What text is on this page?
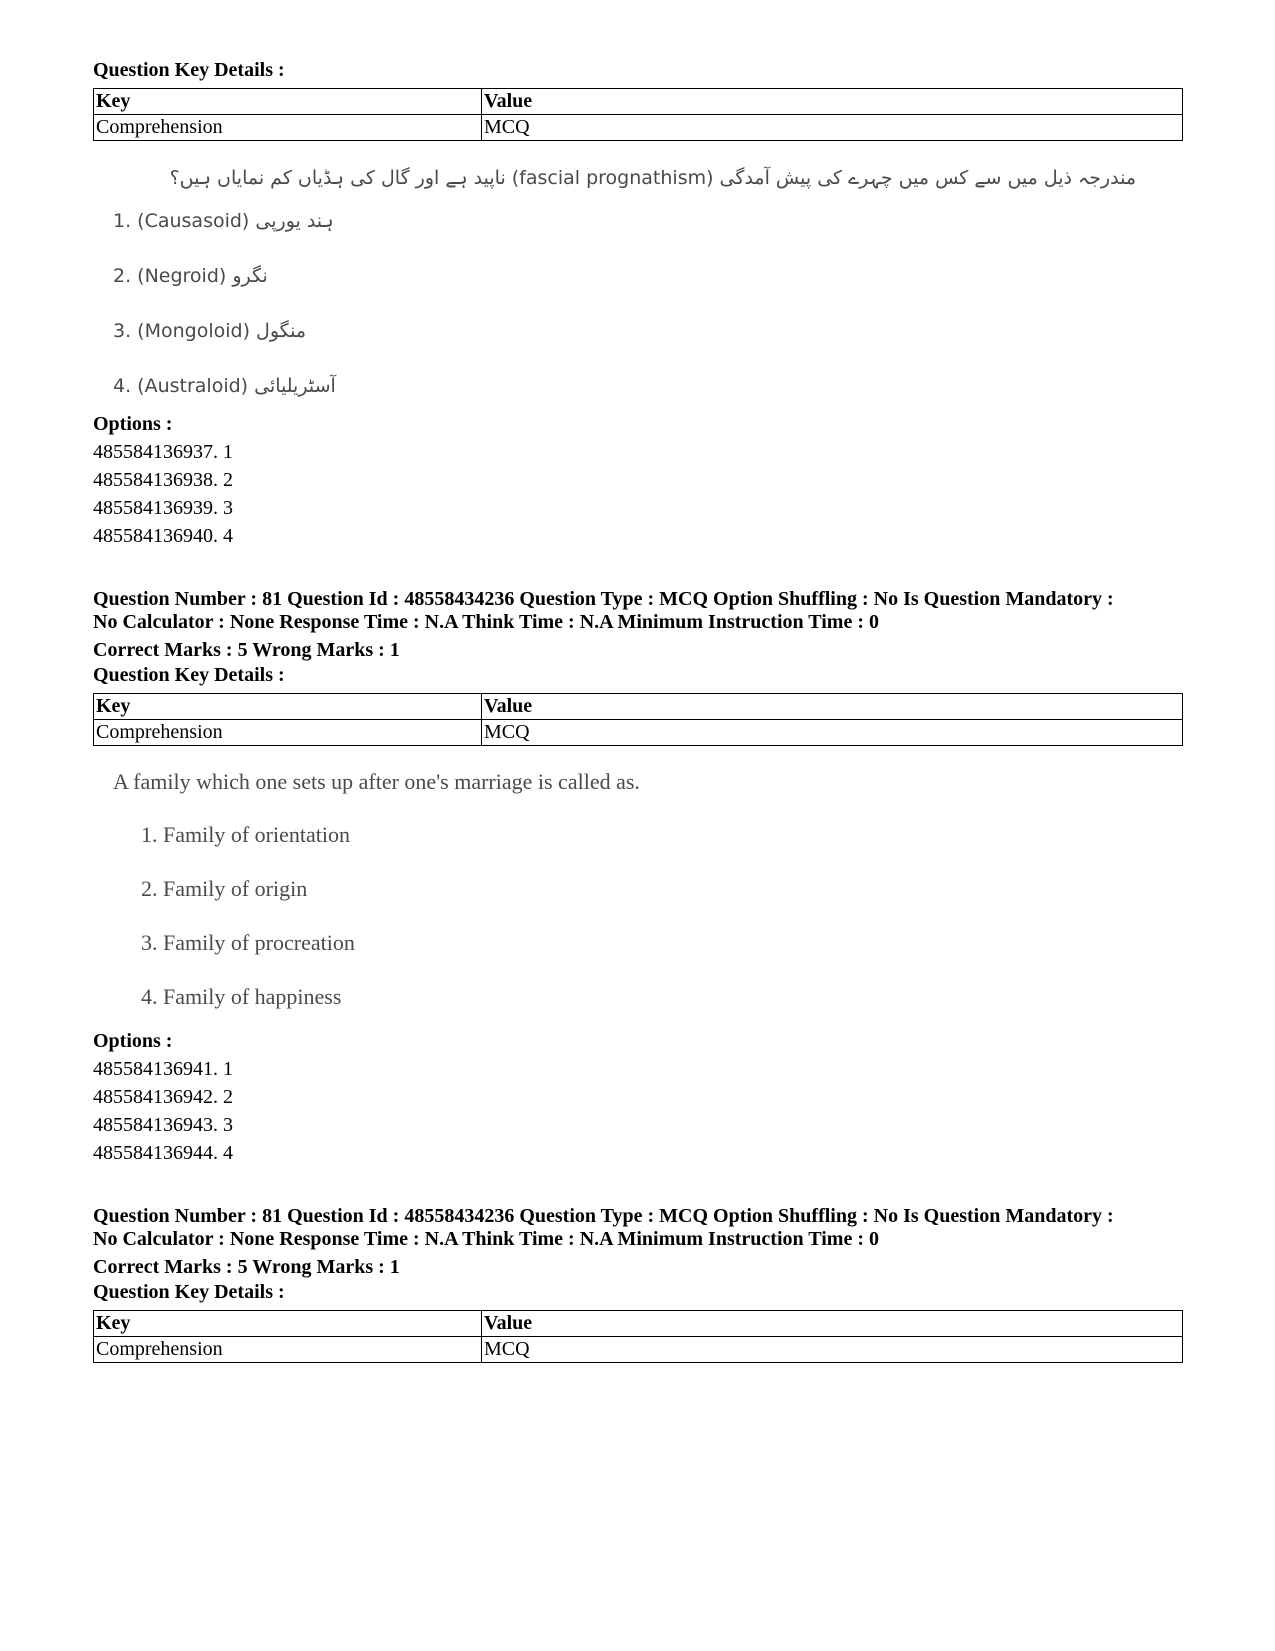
Question Key Details :

Key	Value
Comprehension	MCQ
مندرجہ ذیل میں سے کس میں چہرے کی پیش آمدگی (fascial prognathism) ناپید ہے اور گال کی ہڈیاں کم نمایاں ہیں؟
1. (Causasoid) ہند یورپی
2. (Negroid) نگرو
3. (Mongoloid) منگول
4. (Australoid) آسٹریلیائی

Options :

485584136937. 1

485584136938. 2

485584136939. 3

485584136940. 4

Question Number : 81 Question Id : 48558434236 Question Type : MCQ Option Shuffling : No Is Question Mandatory :

No Calculator : None Response Time : N.A Think Time : N.A Minimum Instruction Time : 0

Correct Marks : 5 Wrong Marks : 1

Question Key Details :

Key	Value
Comprehension	MCQ
A family which one sets up after one's marriage is called as.
1. Family of orientation
2. Family of origin
3. Family of procreation
4. Family of happiness

Options :

485584136941. 1

485584136942. 2

485584136943. 3

485584136944. 4

Question Number : 81 Question Id : 48558434236 Question Type : MCQ Option Shuffling : No Is Question Mandatory :

No Calculator : None Response Time : N.A Think Time : N.A Minimum Instruction Time : 0

Correct Marks : 5 Wrong Marks : 1

Question Key Details :

Key	Value
Comprehension	MCQ
